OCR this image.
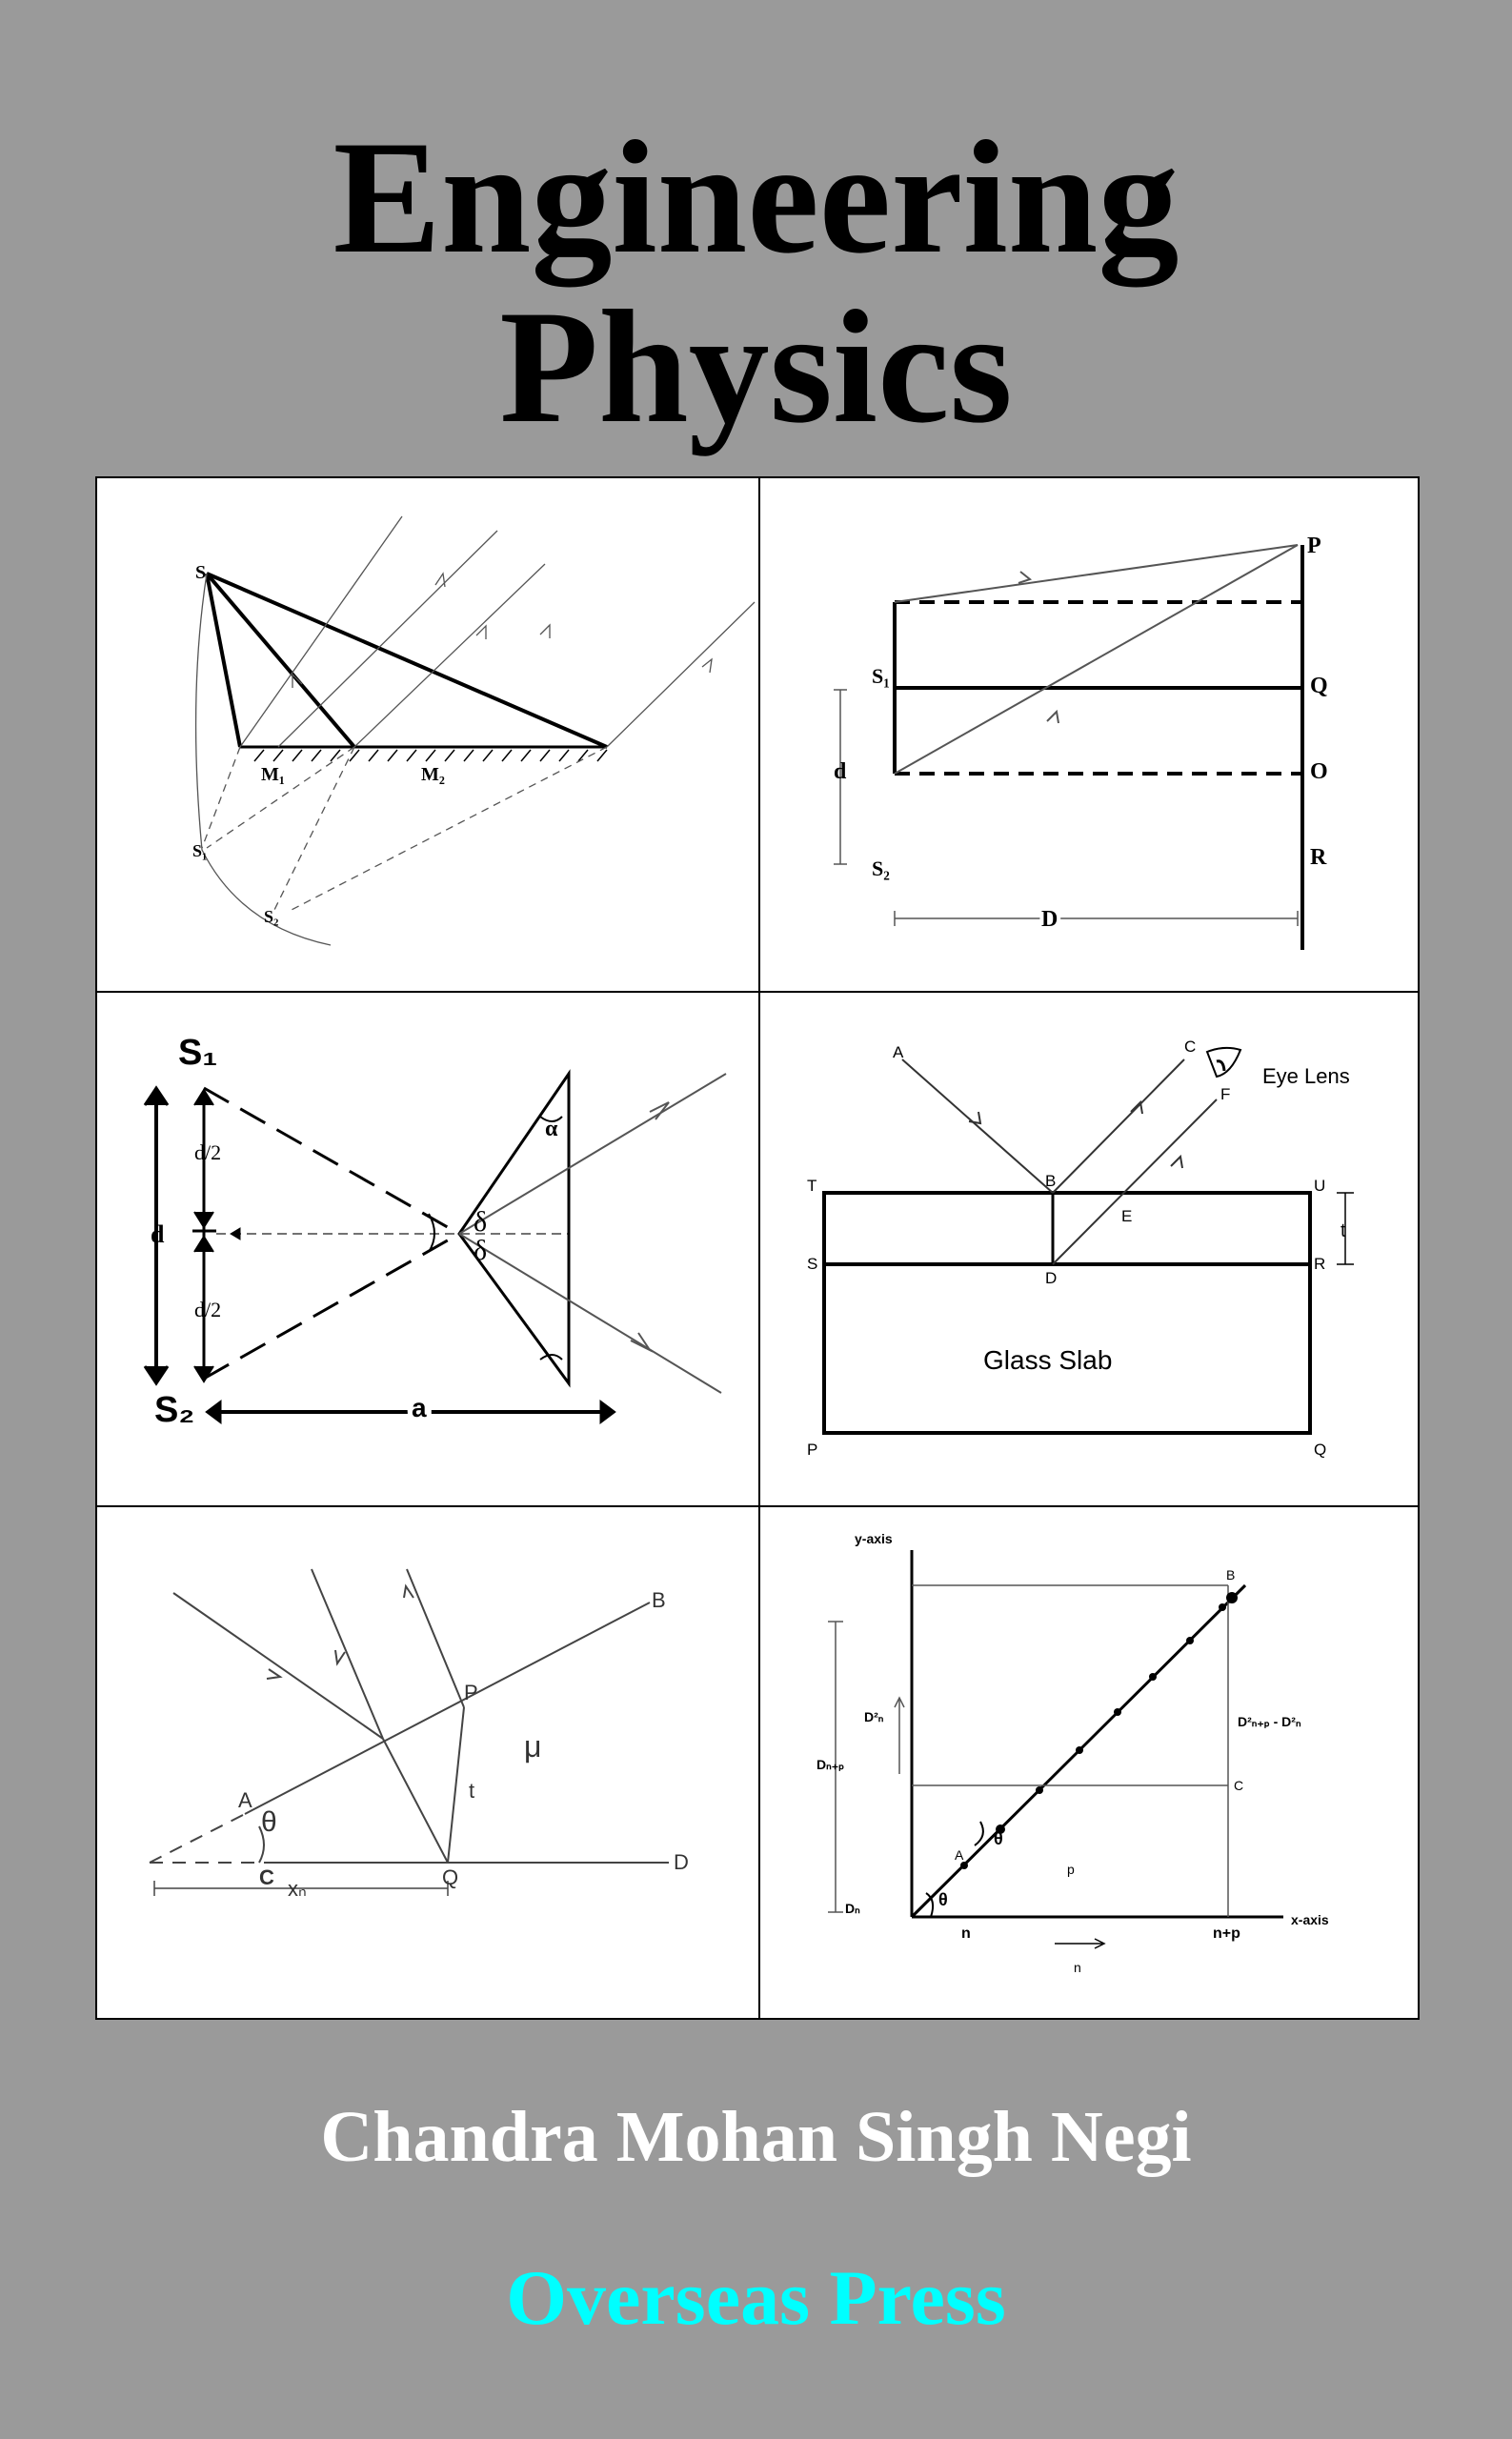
Engineering
Physics
S
M₁	M₂
S₁
S₂
P
Q
O
R
S₁
S₂
d
D
S₁
S₂
d
d/2
d/2
δ
δ
α
a
A
B
C
D
E
F
T	U
S	R
P	Q
t
Eye Lens
Glass Slab
B
A
θ
C
D
P
Q
t
μ
xₙ
y-axis
x-axis
B
A
C
Dₙ₊ₚ
Dₙ
D²ₙ	D²ₙ₊ₚ - D²ₙ
θ
θ
p
n	n+p
n
Chandra Mohan Singh Negi
Overseas Press
